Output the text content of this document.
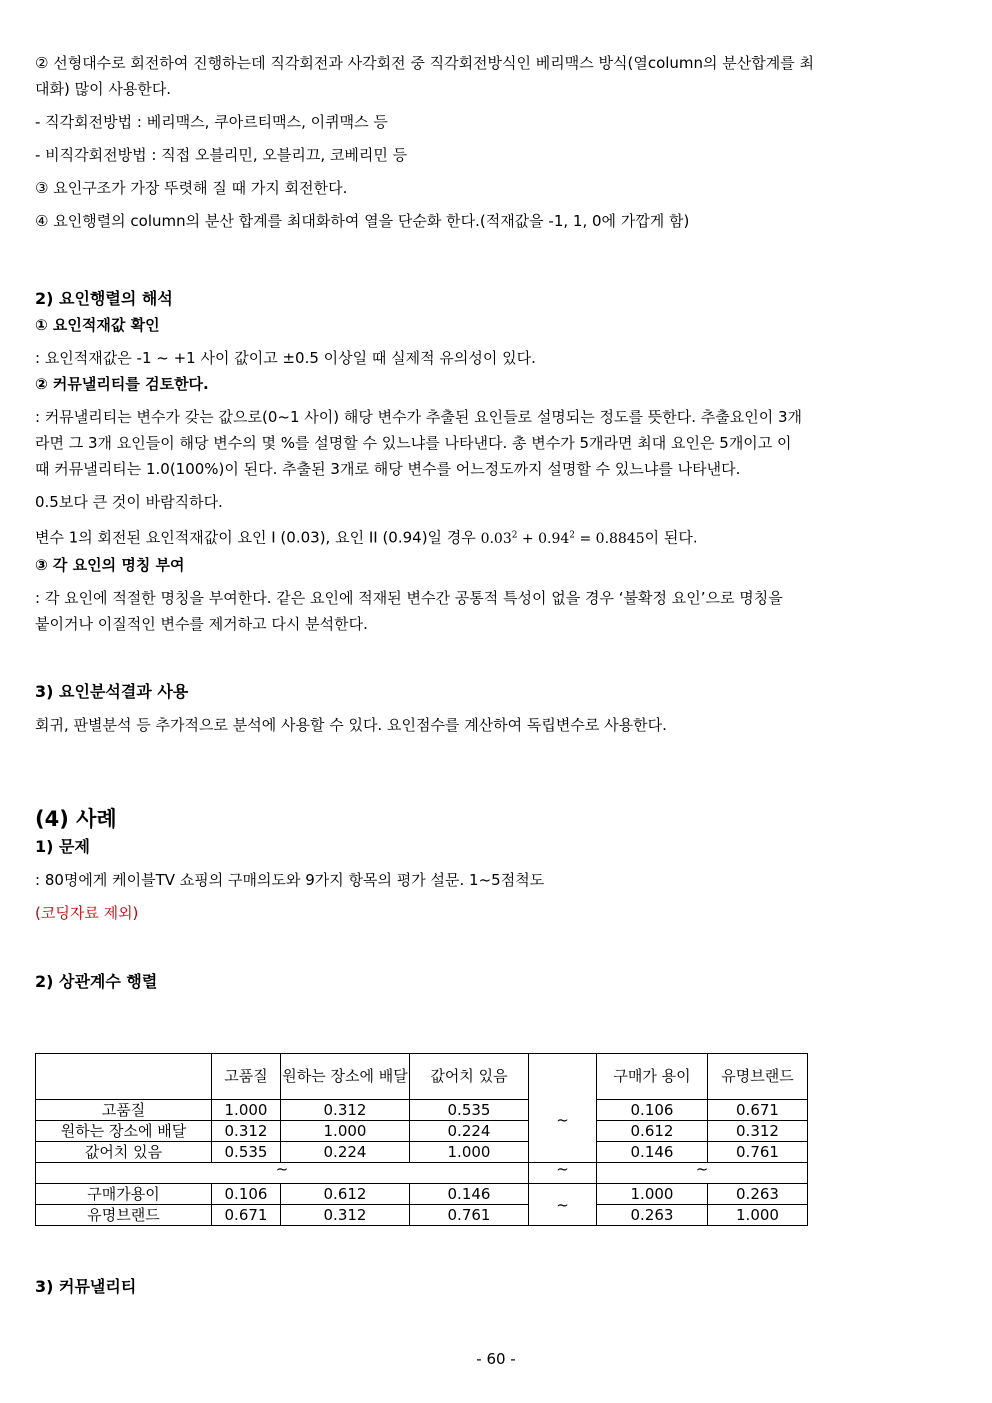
② 선형대수로 회전하여 진행하는데 직각회전과 사각회전 중 직각회전방식인 베리맥스 방식(열column의 분산합계를 최

대화) 많이 사용한다.

- 직각회전방법 : 베리맥스, 쿠아르티맥스, 이퀴맥스 등

- 비직각회전방법 : 직접 오블리민, 오블리끄, 코베리민 등

③ 요인구조가 가장 뚜렷해 질 때 가지 회전한다.

④ 요인행렬의 column의 분산 합계를 최대화하여 열을 단순화 한다.(적재값을 -1, 1, 0에 가깝게 함)

2) 요인행렬의 해석

① 요인적재값 확인

: 요인적재값은 -1 ~ +1 사이 값이고 ±0.5 이상일 때 실제적 유의성이 있다.

② 커뮤낼리티를 검토한다.

: 커뮤낼리티는 변수가 갖는 값으로(0~1 사이) 해당 변수가 추출된 요인들로 설명되는 정도를 뜻한다. 추출요인이 3개

라면 그 3개 요인들이 해당 변수의 몇 %를 설명할 수 있느냐를 나타낸다. 총 변수가 5개라면 최대 요인은 5개이고 이

때 커뮤낼리티는 1.0(100%)이 된다. 추출된 3개로 해당 변수를 어느정도까지 설명할 수 있느냐를 나타낸다.

0.5보다 큰 것이 바람직하다.

변수 1의 회전된 요인적재값이 요인 I (0.03), 요인 II (0.94)일 경우 $0.03^2 + 0.94^2 = 0.8845$이 된다.

③ 각 요인의 명칭 부여

: 각 요인에 적절한 명칭을 부여한다. 같은 요인에 적재된 변수간 공통적 특성이 없을 경우 ‘불확정 요인’으로 명칭을

붙이거나 이질적인 변수를 제거하고 다시 분석한다.

3) 요인분석결과 사용

회귀, 판별분석 등 추가적으로 분석에 사용할 수 있다. 요인점수를 계산하여 독립변수로 사용한다.

(4) 사례

1) 문제

: 80명에게 케이블TV 쇼핑의 구매의도와 9가지 항목의 평가 설문. 1~5점척도

(코딩자료 제외)

2) 상관계수 행렬

	고품질	원하는 장소에 배달	값어치 있음	~	구매가 용이	유명브랜드
고품질	1.000	0.312	0.535		0.106	0.671
원하는 장소에 배달	0.312	1.000	0.224		0.612	0.312
값어치 있음	0.535	0.224	1.000		0.146	0.761
~				~	~	
구매가용이	0.106	0.612	0.146	~	1.000	0.263
유명브랜드	0.671	0.312	0.761		0.263	1.000

3) 커뮤낼리티

- 60 -
